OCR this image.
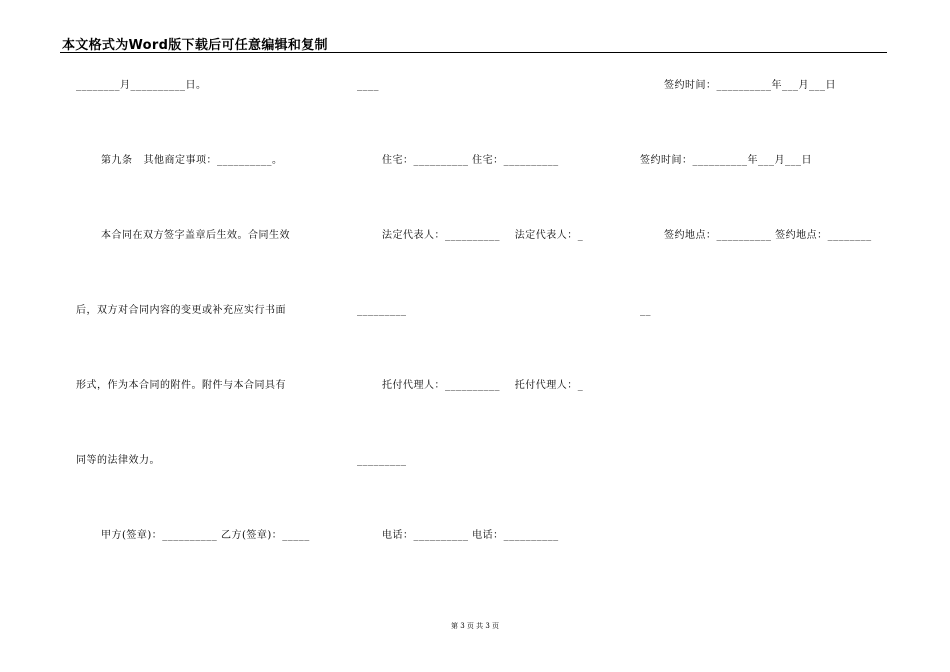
本文格式为Word版下载后可任意编辑和复制
________月__________日。
第九条   其他商定事项：__________。
本合同在双方签字盖章后生效。合同生效
后，双方对合同内容的变更或补充应实行书面
形式，作为本合同的附件。附件与本合同具有
同等的法律效力。
甲方(签章)：__________ 乙方(签章)：_____
____
住宅：__________ 住宅：__________
法定代表人：__________    法定代表人：_
_________
托付代理人：__________    托付代理人：_
_________
电话：__________ 电话：__________
签约时间：__________年___月___日
签约时间：__________年___月___日
签约地点：__________ 签约地点：________
__
第 3 页 共 3 页
